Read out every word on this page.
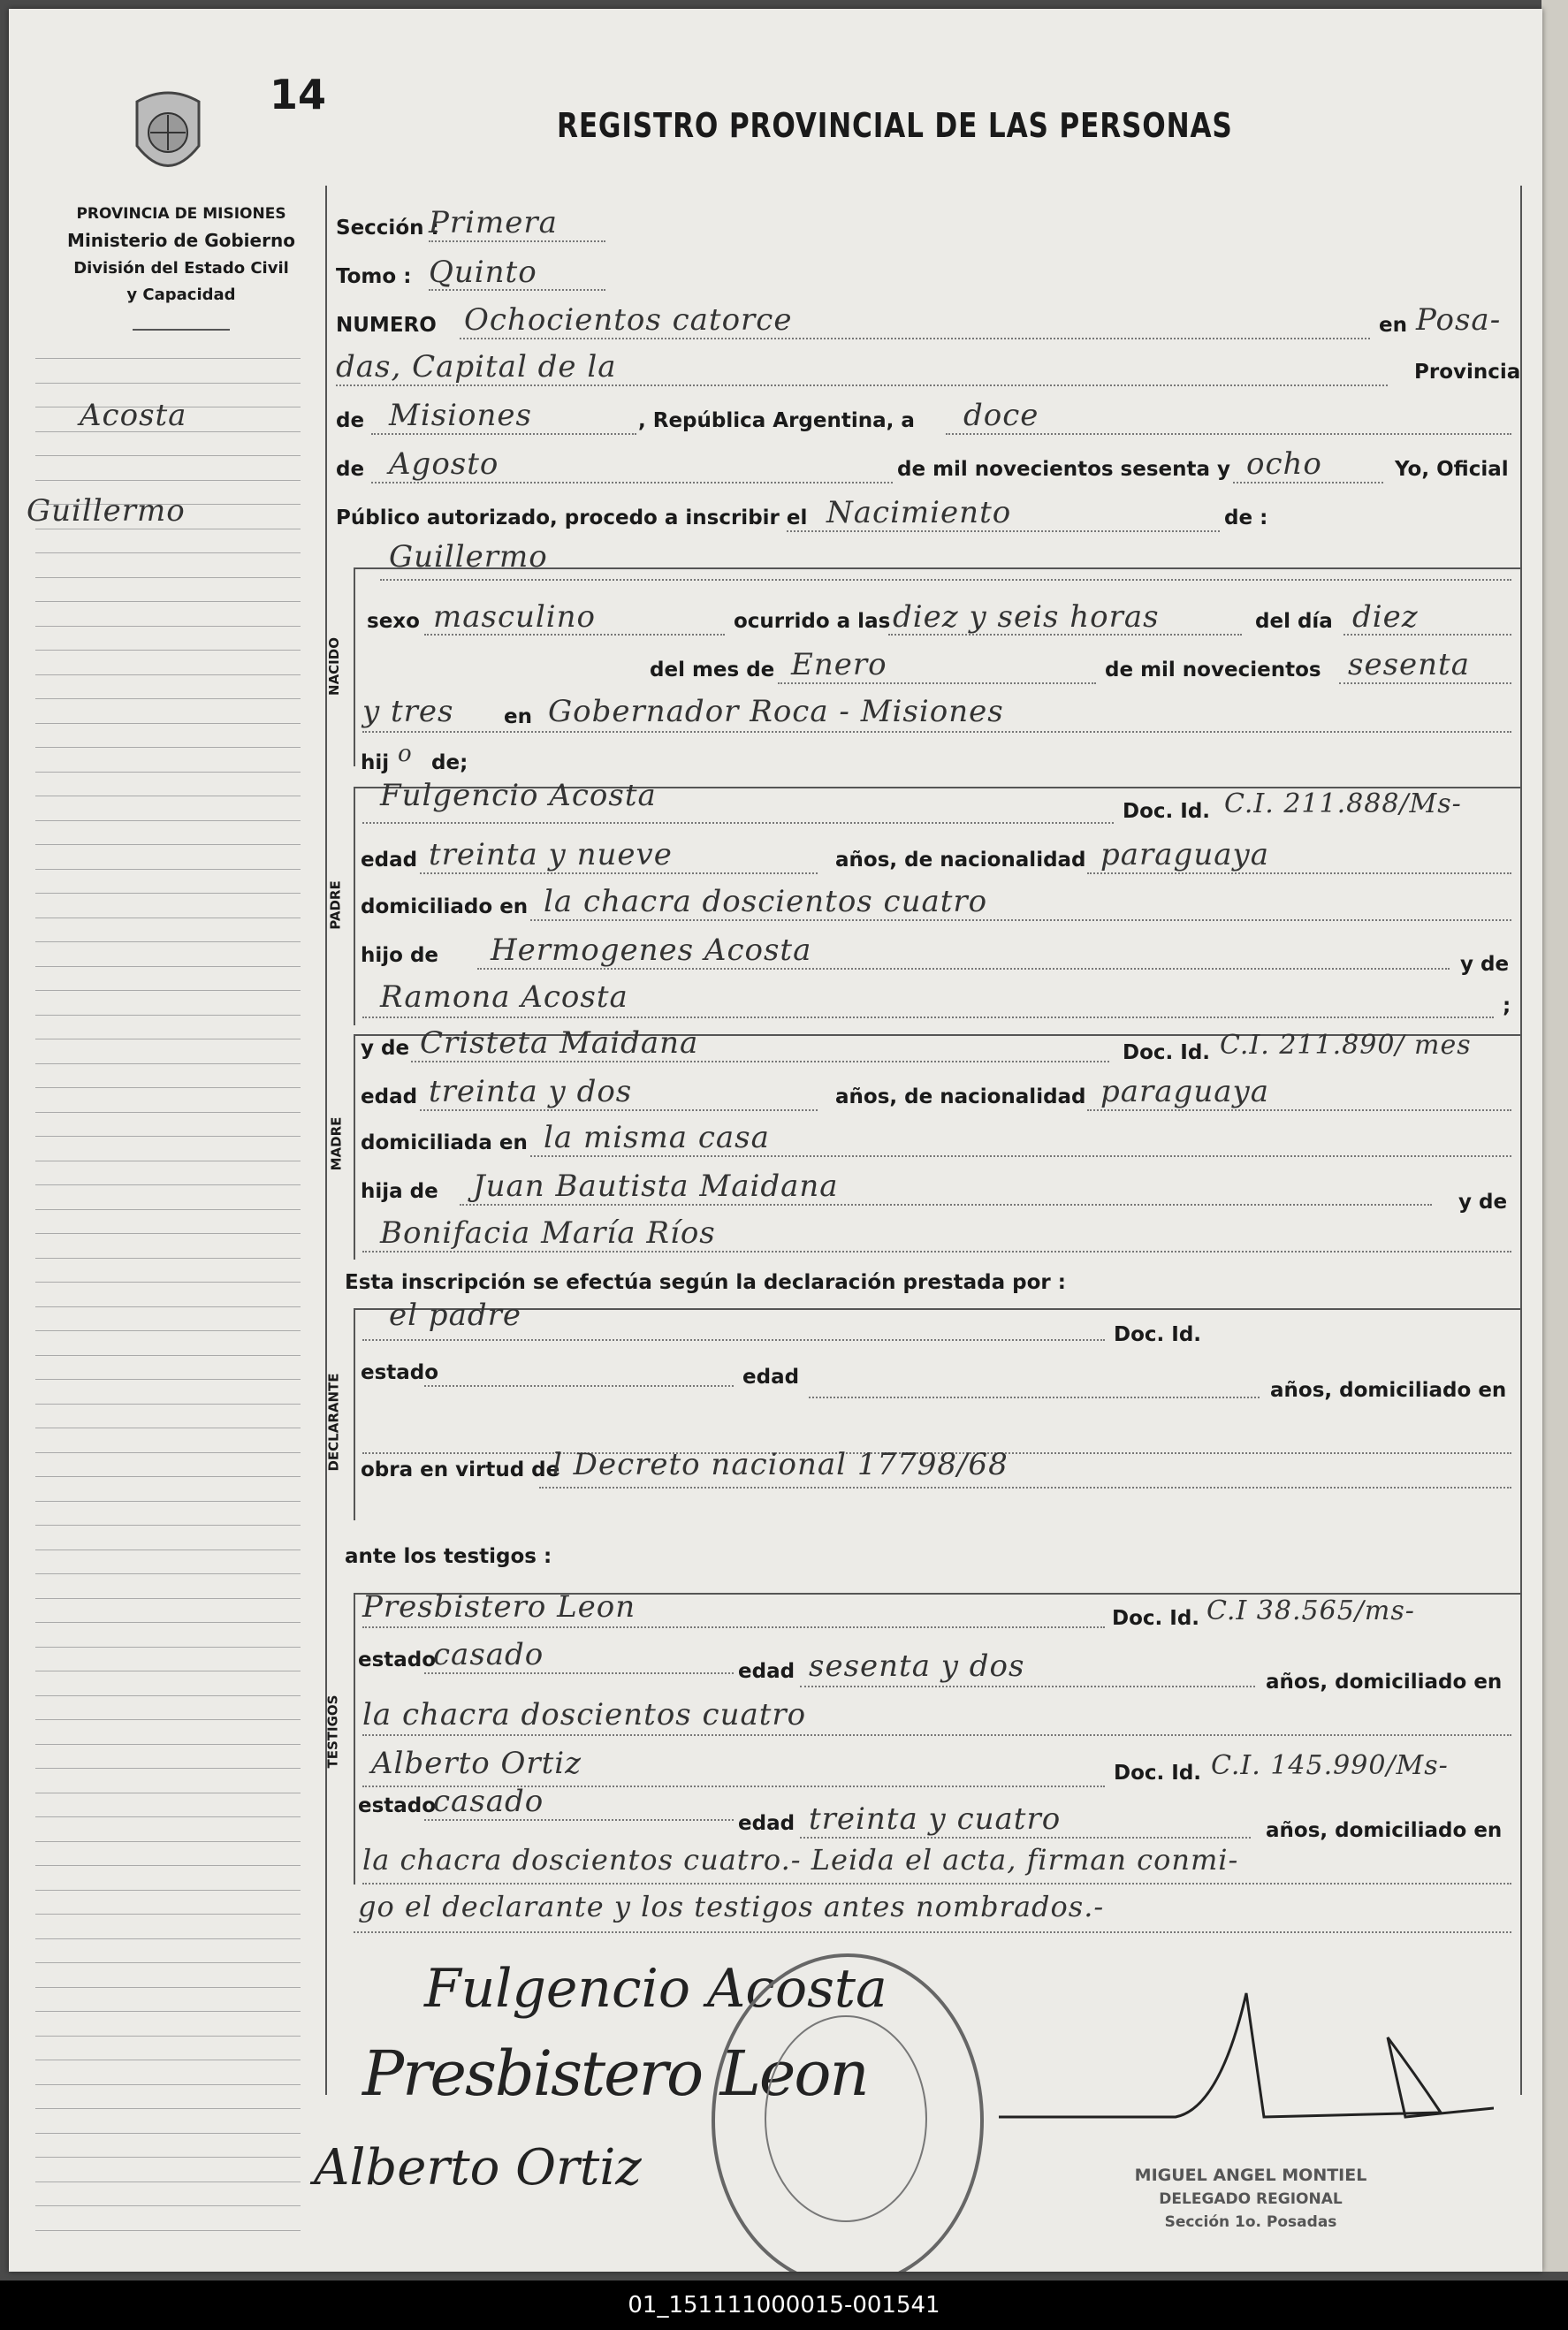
14
REGISTRO PROVINCIAL DE LAS PERSONAS
PROVINCIA DE MISIONES
Ministerio de Gobierno
División del Estado Civil
y Capacidad
Acosta
Guillermo
Sección :
Primera
Tomo : Quinto
NUMERO Ochocientos catorce	en Posa-
das, Capital de la	Provincia
de Misiones	, República Argentina, a doce
de Agosto	de mil novecientos sesenta y ocho	Yo, Oficial
Público autorizado, procedo a inscribir el Nacimiento	de :
NACIDO
Guillermo
sexo masculino	ocurrido a las diez y seis horas	del día diez
del mes de Enero	de mil novecientos sesenta
y tres en Gobernador Roca - Misiones
hij o de;
PADRE
Fulgencio Acosta	Doc. Id. C.I. 211.888/Ms-
edad treinta y nueve	años, de nacionalidad paraguaya
domiciliado en la chacra doscientos cuatro
hijo de Hermogenes Acosta	y de
Ramona Acosta	;
MADRE
y de Cristeta Maidana	Doc. Id. C.I. 211.890/ mes
edad treinta y dos	años, de nacionalidad paraguaya
domiciliada en la misma casa
hija de Juan Bautista Maidana	y de
Bonifacia María Ríos
Esta inscripción se efectúa según la declaración prestada por :
DECLARANTE
el padre
Doc. Id.
estado	edad
años, domiciliado en
obra en virtud de
l Decreto nacional 17798/68
ante los testigos :
TESTIGOS
Presbistero Leon	Doc. Id. C.I 38.565/ms-
estado
casado	edad sesenta y dos	años, domiciliado en
la chacra doscientos cuatro
Alberto Ortiz	Doc. Id. C.I. 145.990/Ms-
estado
casado
edad treinta y cuatro	años, domiciliado en
la chacra doscientos cuatro.- Leida el acta, firman conmi-
go el declarante y los testigos antes nombrados.-
Fulgencio Acosta
Presbistero Leon
Alberto Ortiz	MIGUEL ANGEL MONTIEL
DELEGADO REGIONAL
Sección 1o. Posadas
01_151111000015-001541
